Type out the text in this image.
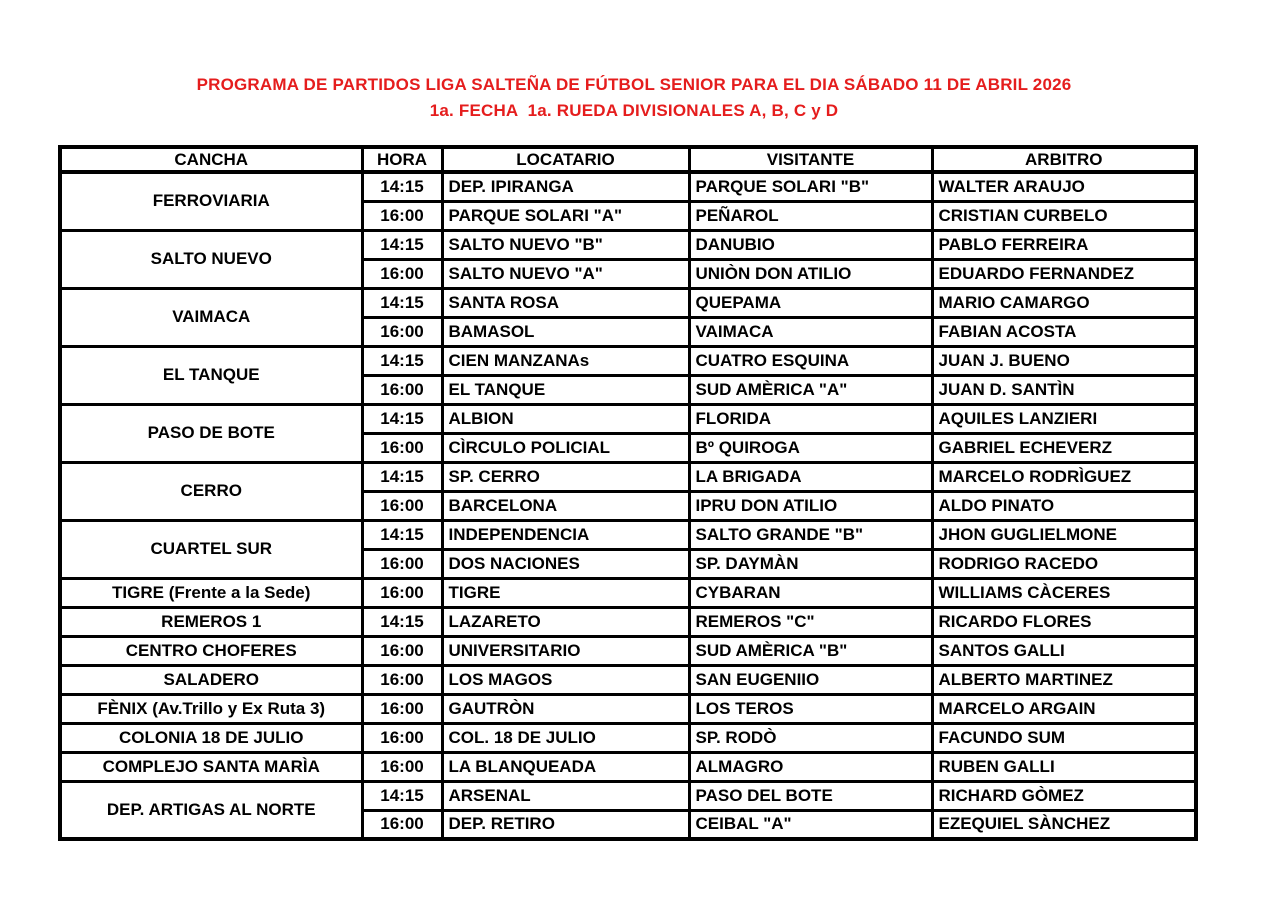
PROGRAMA DE PARTIDOS LIGA SALTEÑA DE FÚTBOL SENIOR PARA EL DIA SÁBADO 11 DE ABRIL 2026
1a. FECHA  1a. RUEDA DIVISIONALES A, B, C y D
CANCHA	HORA	LOCATARIO	VISITANTE	ARBITRO
FERROVIARIA	14:15	DEP. IPIRANGA	PARQUE SOLARI "B"	WALTER ARAUJO
	16:00	PARQUE SOLARI "A"	PEÑAROL	CRISTIAN CURBELO
SALTO NUEVO	14:15	SALTO NUEVO "B"	DANUBIO	PABLO FERREIRA
	16:00	SALTO NUEVO "A"	UNIÒN DON ATILIO	EDUARDO FERNANDEZ
VAIMACA	14:15	SANTA ROSA	QUEPAMA	MARIO CAMARGO
	16:00	BAMASOL	VAIMACA	FABIAN ACOSTA
EL TANQUE	14:15	CIEN MANZANAs	CUATRO ESQUINA	JUAN J. BUENO
	16:00	EL TANQUE	SUD AMÈRICA "A"	JUAN D. SANTÌN
PASO DE BOTE	14:15	ALBION	FLORIDA	AQUILES LANZIERI
	16:00	CÌRCULO POLICIAL	Bº QUIROGA	GABRIEL ECHEVERZ
CERRO	14:15	SP. CERRO	LA BRIGADA	MARCELO RODRÌGUEZ
	16:00	BARCELONA	IPRU DON ATILIO	ALDO PINATO
CUARTEL SUR	14:15	INDEPENDENCIA	SALTO GRANDE "B"	JHON GUGLIELMONE
	16:00	DOS NACIONES	SP. DAYMÀN	RODRIGO RACEDO
TIGRE (Frente a la Sede)	16:00	TIGRE	CYBARAN	WILLIAMS CÀCERES
REMEROS 1	14:15	LAZARETO	REMEROS "C"	RICARDO FLORES
CENTRO CHOFERES	16:00	UNIVERSITARIO	SUD AMÈRICA "B"	SANTOS GALLI
SALADERO	16:00	LOS MAGOS	SAN EUGENIIO	ALBERTO MARTINEZ
FÈNIX (Av.Trillo y Ex Ruta 3)	16:00	GAUTRÒN	LOS TEROS	MARCELO ARGAIN
COLONIA 18 DE JULIO	16:00	COL. 18 DE JULIO	SP. RODÒ	FACUNDO SUM
COMPLEJO SANTA MARÌA	16:00	LA BLANQUEADA	ALMAGRO	RUBEN GALLI
DEP. ARTIGAS AL NORTE	14:15	ARSENAL	PASO DEL BOTE	RICHARD GÒMEZ
	16:00	DEP. RETIRO	CEIBAL "A"	EZEQUIEL SÀNCHEZ
